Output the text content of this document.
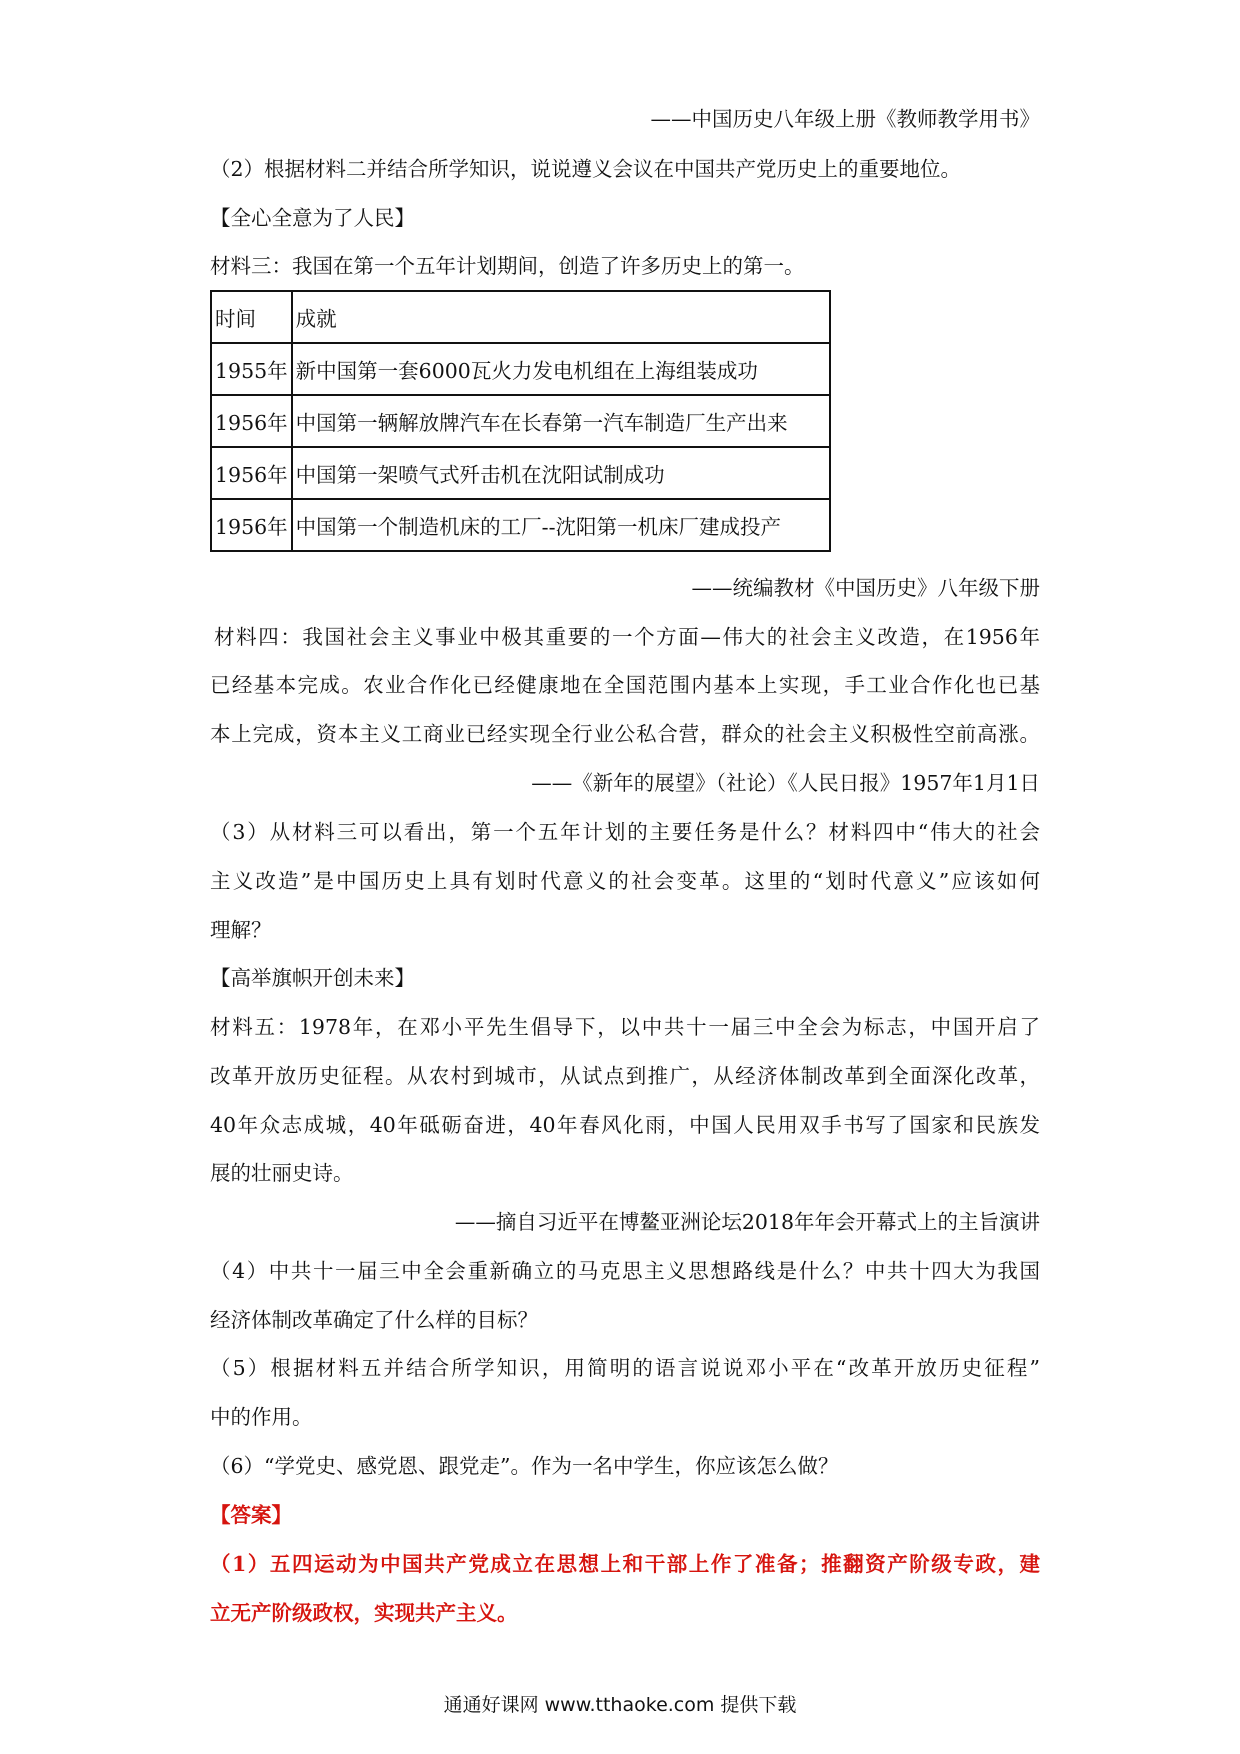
——中国历史八年级上册《教师教学用书》
（2）根据材料二并结合所学知识，说说遵义会议在中国共产党历史上的重要地位。
【全心全意为了人民】
材料三：我国在第一个五年计划期间，创造了许多历史上的第一。
时间	成就
1955年	新中国第一套6000瓦火力发电机组在上海组装成功
1956年	中国第一辆解放牌汽车在长春第一汽车制造厂生产出来
1956年	中国第一架喷气式歼击机在沈阳试制成功
1956年	中国第一个制造机床的工厂--沈阳第一机床厂建成投产
——统编教材《中国历史》八年级下册
材料四：我国社会主义事业中极其重要的一个方面—伟大的社会主义改造，在1956年
已经基本完成。农业合作化已经健康地在全国范围内基本上实现，手工业合作化也已基
本上完成，资本主义工商业已经实现全行业公私合营，群众的社会主义积极性空前高涨。
——《新年的展望》（社论）《人民日报》1957年1月1日
（3）从材料三可以看出，第一个五年计划的主要任务是什么？材料四中“伟大的社会
主义改造”是中国历史上具有划时代意义的社会变革。这里的“划时代意义”应该如何
理解？
【高举旗帜开创未来】
材料五：1978年，在邓小平先生倡导下，以中共十一届三中全会为标志，中国开启了
改革开放历史征程。从农村到城市，从试点到推广，从经济体制改革到全面深化改革，
40年众志成城，40年砥砺奋进，40年春风化雨，中国人民用双手书写了国家和民族发
展的壮丽史诗。
——摘自习近平在博鳌亚洲论坛2018年年会开幕式上的主旨演讲
（4）中共十一届三中全会重新确立的马克思主义思想路线是什么？中共十四大为我国
经济体制改革确定了什么样的目标？
（5）根据材料五并结合所学知识，用简明的语言说说邓小平在“改革开放历史征程”
中的作用。
（6）“学党史、感党恩、跟党走”。作为一名中学生，你应该怎么做？
【答案】
（1）五四运动为中国共产党成立在思想上和干部上作了准备；推翻资产阶级专政，建
立无产阶级政权，实现共产主义。
通通好课网 www.tthaoke.com 提供下载
